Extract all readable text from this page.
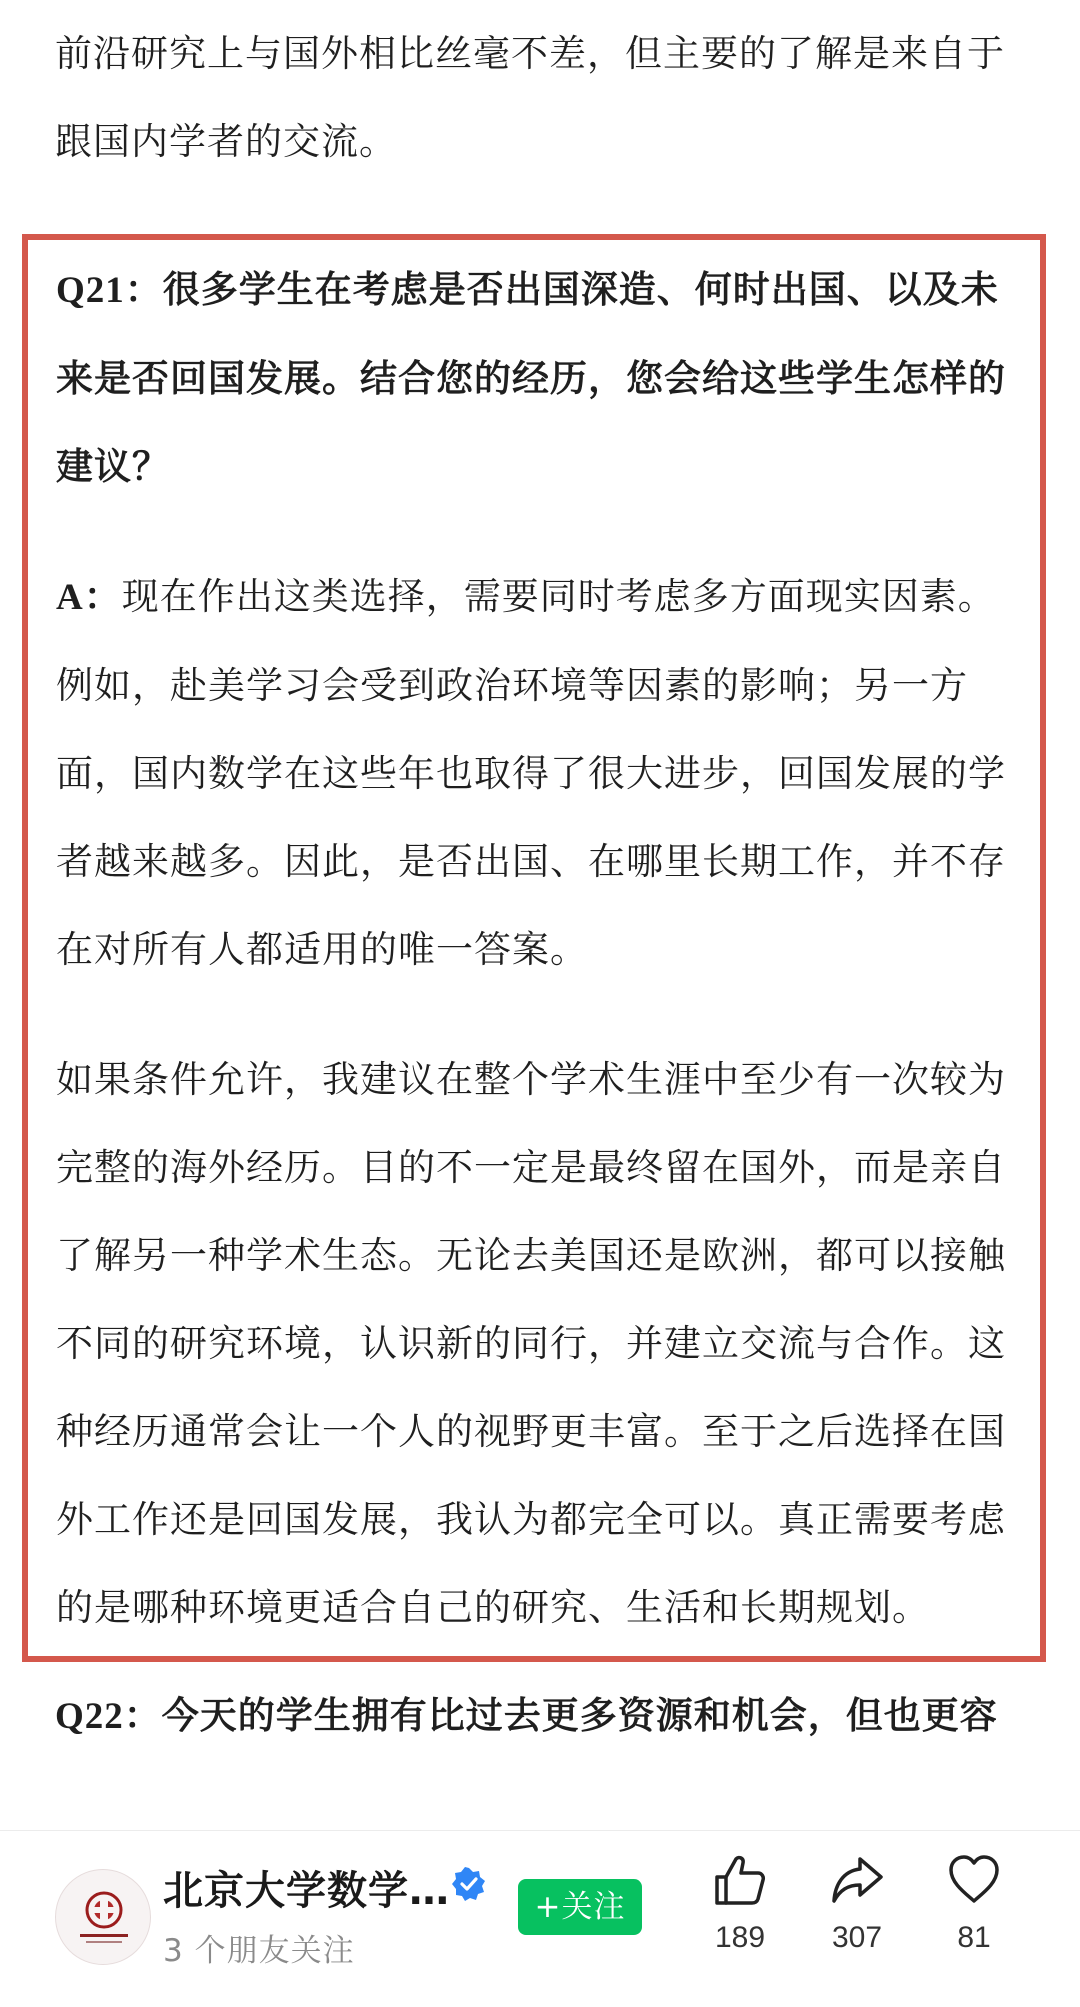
前沿研究上与国外相比丝毫不差，但主要的了解是来自于跟国内学者的交流。

Q21：很多学生在考虑是否出国深造、何时出国、以及未来是否回国发展。结合您的经历，您会给这些学生怎样的建议？

A：现在作出这类选择，需要同时考虑多方面现实因素。例如，赴美学习会受到政治环境等因素的影响；另一方面，国内数学在这些年也取得了很大进步，回国发展的学者越来越多。因此，是否出国、在哪里长期工作，并不存在对所有人都适用的唯一答案。

如果条件允许，我建议在整个学术生涯中至少有一次较为完整的海外经历。目的不一定是最终留在国外，而是亲自了解另一种学术生态。无论去美国还是欧洲，都可以接触不同的研究环境，认识新的同行，并建立交流与合作。这种经历通常会让一个人的视野更丰富。至于之后选择在国外工作还是回国发展，我认为都完全可以。真正需要考虑的是哪种环境更适合自己的研究、生活和长期规划。

Q22：今天的学生拥有比过去更多资源和机会，但也更容

北京大学数学…
3 个朋友关注
+关注
189	307	81
